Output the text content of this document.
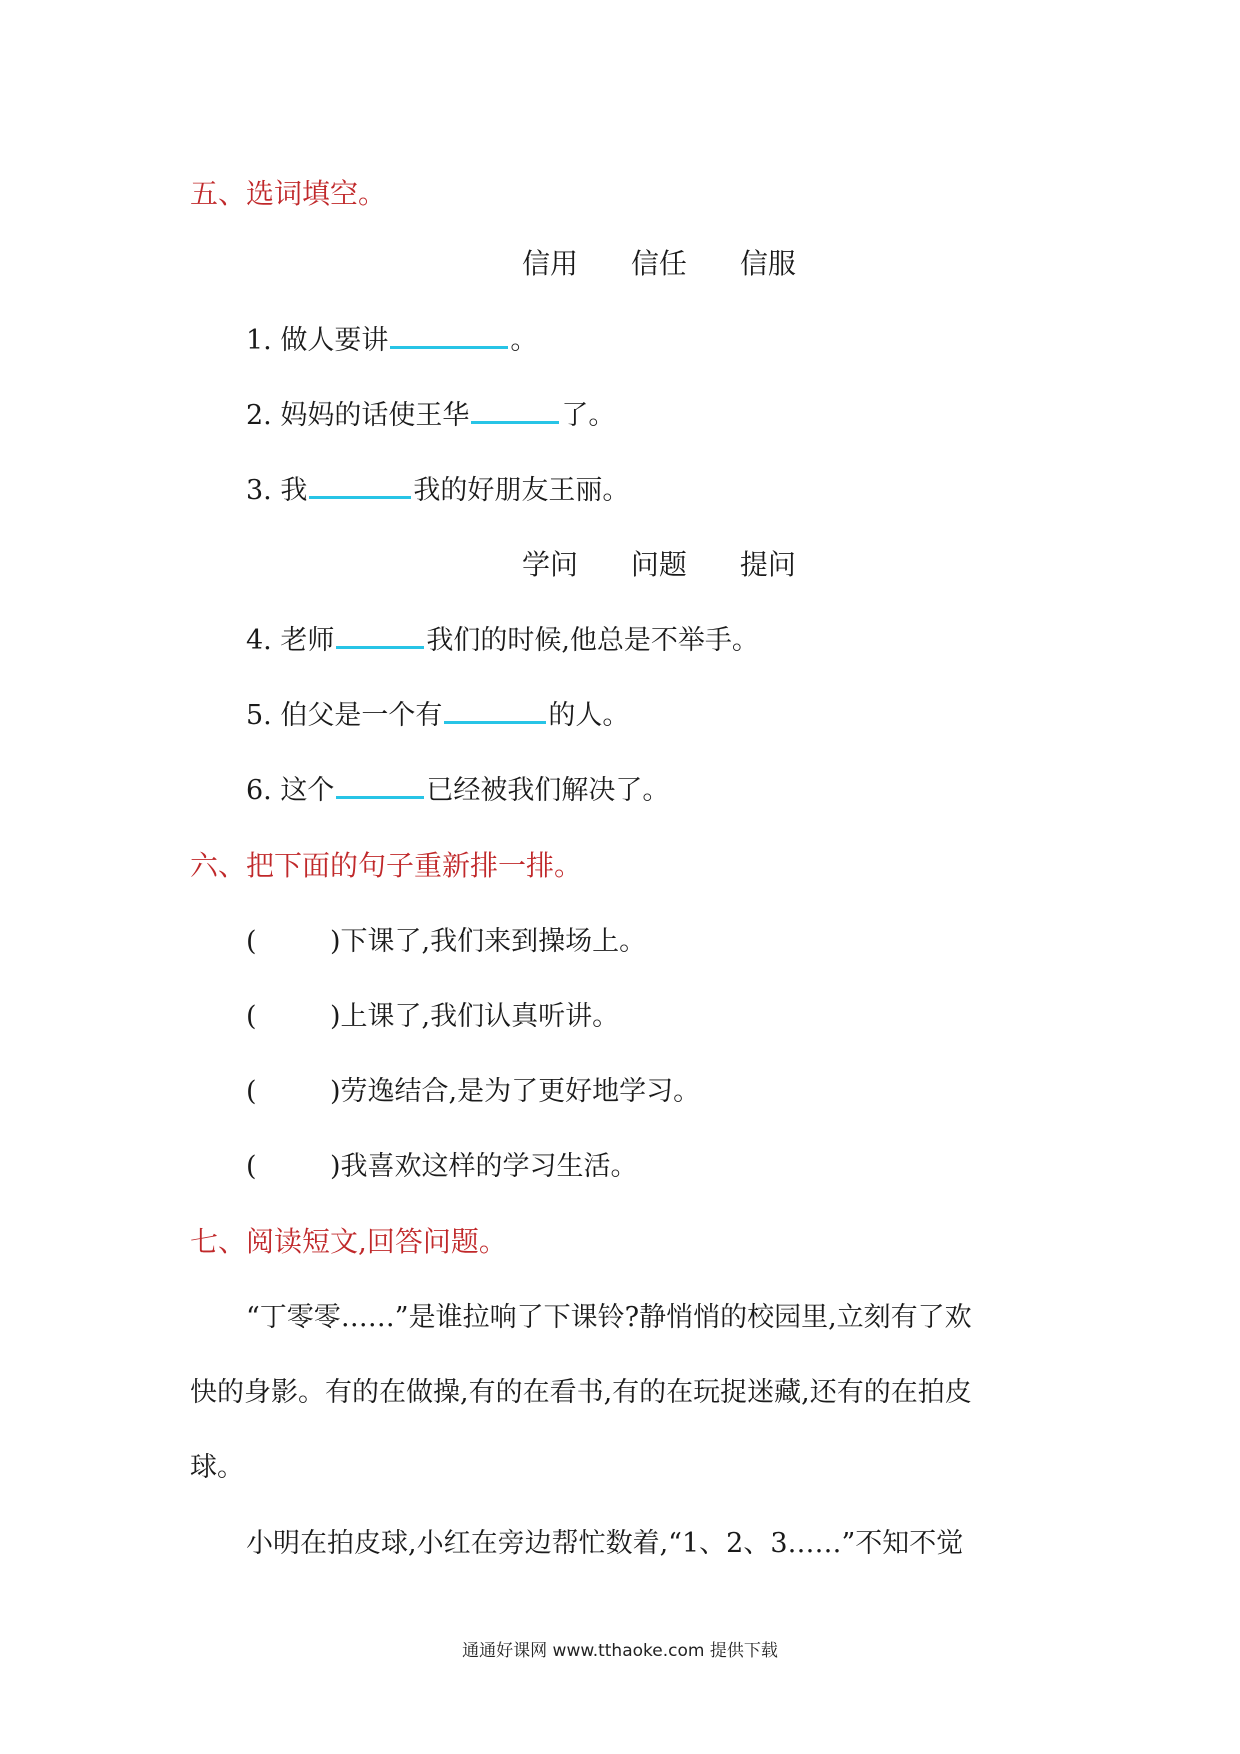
五、选词填空。
信用 信任 信服
1. 做人要讲	。
2. 妈妈的话使王华	了。
3. 我	我的好朋友王丽。
学问 问题 提问
4. 老师	我们的时候,他总是不举手。
5. 伯父是一个有	的人。
6. 这个	已经被我们解决了。
六、把下面的句子重新排一排。
(	)下课了,我们来到操场上。
(	)上课了,我们认真听讲。
(	)劳逸结合,是为了更好地学习。
(	)我喜欢这样的学习生活。
七、阅读短文,回答问题。
“丁零零……”是谁拉响了下课铃?静悄悄的校园里,立刻有了欢
快的身影。有的在做操,有的在看书,有的在玩捉迷藏,还有的在拍皮
球。
小明在拍皮球,小红在旁边帮忙数着,“1、2、3……”不知不觉
通通好课网 www.tthaoke.com 提供下载
